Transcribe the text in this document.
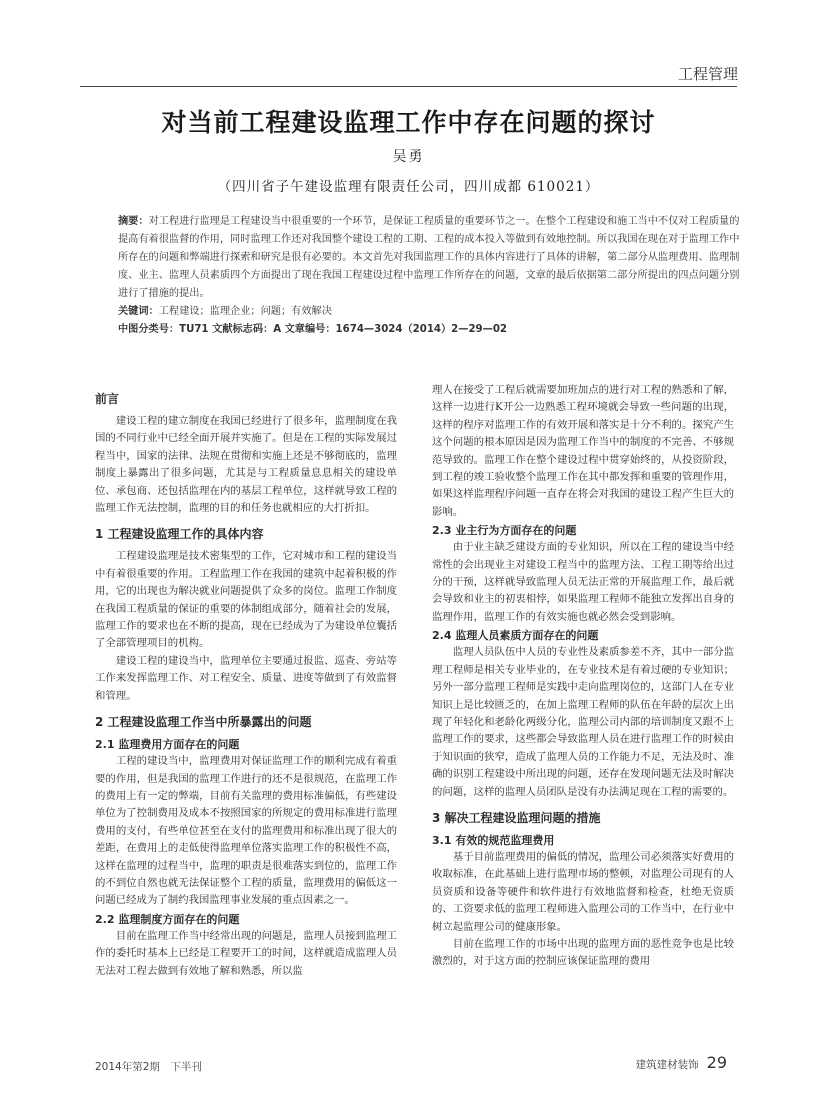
工程管理
对当前工程建设监理工作中存在问题的探讨
吴勇
（四川省子午建设监理有限责任公司，四川成都 610021）

摘要：对工程进行监理是工程建设当中很重要的一个环节，是保证工程质量的重要环节之一。在整个工程建设和施工当中不仅对工程质量的提高有着很监督的作用，同时监理工作还对我国整个建设工程的工期、工程的成本投入等做到有效地控制。所以我国在现在对于监理工作中所存在的问题和弊端进行探索和研究是很有必要的。本文首先对我国监理工作的具体内容进行了具体的讲解，第二部分从监理费用、监理制度、业主、监理人员素质四个方面提出了现在我国工程建设过程中监理工作所存在的问题，文章的最后依据第二部分所提出的四点问题分别进行了措施的提出。

关键词：工程建设；监理企业；问题；有效解决

中图分类号：TU71 文献标志码：A 文章编号：1674—3024（2014）2—29—02

前言

建设工程的建立制度在我国已经进行了很多年，监理制度在我国的不同行业中已经全面开展并实施了。但是在工程的实际发展过程当中，国家的法律、法规在贯彻和实施上还是不够彻底的，监理制度上暴露出了很多问题，尤其是与工程质量息息相关的建设单位、承包商、还包括监理在内的基层工程单位，这样就导致工程的监理工作无法控制，监理的目的和任务也就相应的大打折扣。

1 工程建设监理工作的具体内容

工程建设监理是技术密集型的工作，它对城市和工程的建设当中有着很重要的作用。工程监理工作在我国的建筑中起着积极的作用，它的出现也为解决就业问题提供了众多的岗位。监理工作制度在我国工程质量的保证的重要的体制组成部分，随着社会的发展，监理工作的要求也在不断的提高，现在已经成为了为建设单位囊括了全部管理项目的机构。

建设工程的建设当中，监理单位主要通过报监、巡查、旁站等工作来发挥监理工作、对工程安全、质量、进度等做到了有效监督和管理。

2 工程建设监理工作当中所暴露出的问题
2.1 监理费用方面存在的问题

工程的建设当中，监理费用对保证监理工作的顺利完成有着重要的作用，但是我国的监理工作进行的还不是很规范，在监理工作的费用上有一定的弊端，目前有关监理的费用标准偏低，有些建设单位为了控制费用及成本不按照国家的所规定的费用标准进行监理费用的支付，有些单位甚至在支付的监理费用和标准出现了很大的差距，在费用上的走低使得监理单位落实监理工作的积极性不高，这样在监理的过程当中，监理的职责是很难落实到位的，监理工作的不到位自然也就无法保证整个工程的质量，监理费用的偏低这一问题已经成为了制约我国监理事业发展的重点因素之一。

2.2 监理制度方面存在的问题

目前在监理工作当中经常出现的问题是，监理人员接到监理工作的委托时基本上已经是工程要开工的时间，这样就造成监理人员无法对工程去做到有效地了解和熟悉，所以监

理人在接受了工程后就需要加班加点的进行对工程的熟悉和了解，这样一边进行K开公一边熟悉工程环境就会导致一些问题的出现，这样的程序对监理工作的有效开展和落实是十分不利的。探究产生这个问题的根本原因是因为监理工作当中的制度的不完善、不够规范导致的。监理工作在整个建设过程中贯穿始终的，从投资阶段，到工程的竣工验收整个监理工作在其中都发挥和重要的管理作用，如果这样监理程序问题一直存在将会对我国的建设工程产生巨大的影响。

2.3 业主行为方面存在的问题

由于业主缺乏建设方面的专业知识，所以在工程的建设当中经常性的会出现业主对建设工程当中的监理方法、工程工期等给出过分的干预，这样就导致监理人员无法正常的开展监理工作，最后就会导致和业主的初衷相悖，如果监理工程师不能独立发挥出自身的监理作用，监理工作的有效实施也就必然会受到影响。

2.4 监理人员素质方面存在的问题

监理人员队伍中人员的专业性及素质参差不齐，其中一部分监理工程师是相关专业毕业的，在专业技术是有着过硬的专业知识；另外一部分监理工程师是实践中走向监理岗位的，这部门人在专业知识上是比较匮乏的，在加上监理工程师的队伍在年龄的层次上出现了年轻化和老龄化两级分化，监理公司内部的培训制度又跟不上监理工作的要求，这些都会导致监理人员在进行监理工作的时候由于知识面的狭窄，造成了监理人员的工作能力不足，无法及时、准确的识别工程建设中所出现的问题，还存在发现问题无法及时解决的问题，这样的监理人员团队是没有办法满足现在工程的需要的。

3 解决工程建设监理问题的措施
3.1 有效的规范监理费用

基于目前监理费用的偏低的情况，监理公司必须落实好费用的收取标准，在此基础上进行监理市场的整顿，对监理公司现有的人员资质和设备等硬件和软件进行有效地监督和检查，杜绝无资质的、工资要求低的监理工程师进入监理公司的工作当中，在行业中树立起监理公司的健康形象。

目前在监理工作的市场中出现的监理方面的恶性竞争也是比较激烈的，对于这方面的控制应该保证监理的费用

2014年第2期　下半刊	建筑建材装饰 29
